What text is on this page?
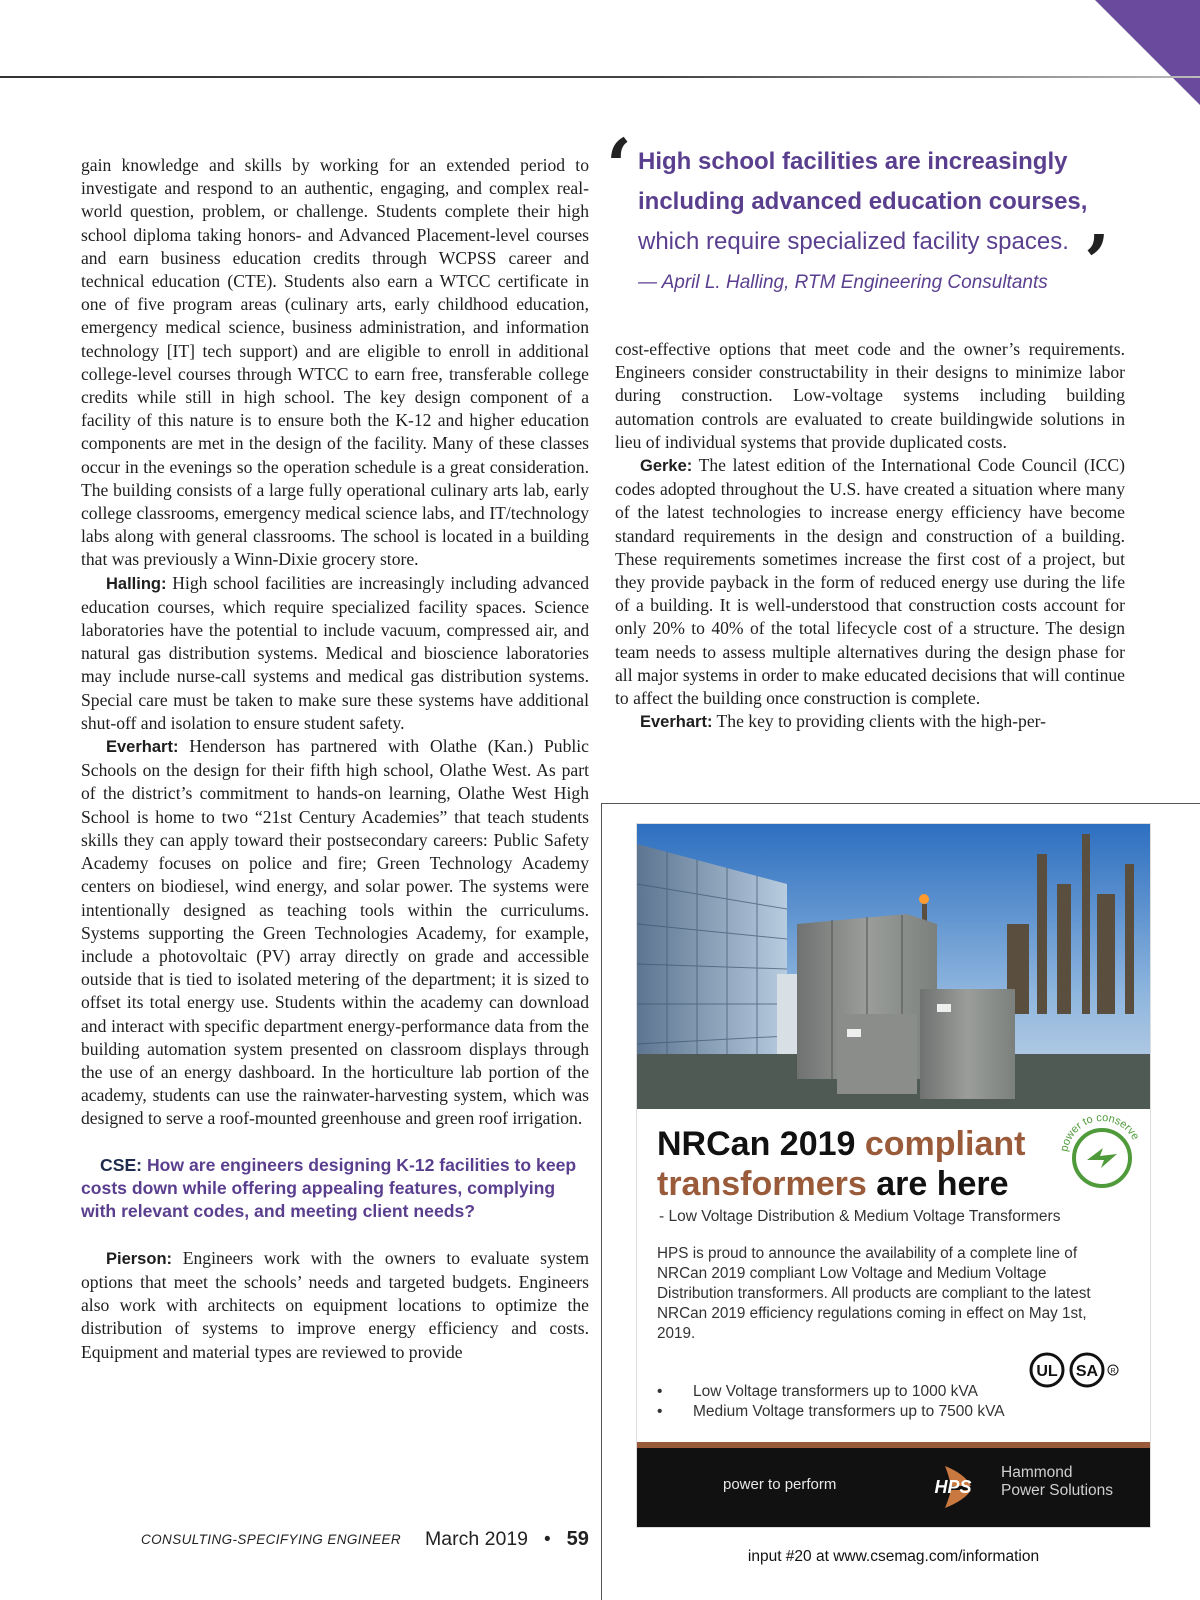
gain knowledge and skills by working for an extended period to investigate and respond to an authentic, engaging, and complex real-world question, problem, or challenge. Students complete their high school diploma taking honors- and Advanced Placement-level courses and earn business education credits through WCPSS career and technical education (CTE). Students also earn a WTCC certificate in one of five program areas (culinary arts, early childhood education, emergency medical science, business administration, and information technology [IT] tech support) and are eligible to enroll in additional college-level courses through WTCC to earn free, transferable college credits while still in high school. The key design component of a facility of this nature is to ensure both the K-12 and higher education components are met in the design of the facility. Many of these classes occur in the evenings so the operation schedule is a great consideration. The building consists of a large fully operational culinary arts lab, early college classrooms, emergency medical science labs, and IT/technology labs along with general classrooms. The school is located in a building that was previously a Winn-Dixie grocery store.

Halling: High school facilities are increasingly including advanced education courses, which require specialized facility spaces. Science laboratories have the potential to include vacuum, compressed air, and natural gas distribution systems. Medical and bioscience laboratories may include nurse-call systems and medical gas distribution systems. Special care must be taken to make sure these systems have additional shut-off and isolation to ensure student safety.

Everhart: Henderson has partnered with Olathe (Kan.) Public Schools on the design for their fifth high school, Olathe West. As part of the district’s commitment to hands-on learning, Olathe West High School is home to two “21st Century Academies” that teach students skills they can apply toward their postsecondary careers: Public Safety Academy focuses on police and fire; Green Technology Academy centers on biodiesel, wind energy, and solar power. The systems were intentionally designed as teaching tools within the curriculums. Systems supporting the Green Technologies Academy, for example, include a photovoltaic (PV) array directly on grade and accessible outside that is tied to isolated metering of the department; it is sized to offset its total energy use. Students within the academy can download and interact with specific department energy-performance data from the building automation system presented on classroom displays through the use of an energy dashboard. In the horticulture lab portion of the academy, students can use the rainwater-harvesting system, which was designed to serve a roof-mounted greenhouse and green roof irrigation.

CSE: How are engineers designing K-12 facilities to keep costs down while offering appealing features, complying with relevant codes, and meeting client needs?

Pierson: Engineers work with the owners to evaluate system options that meet the schools’ needs and targeted budgets. Engineers also work with architects on equipment locations to optimize the distribution of systems to improve energy efficiency and costs. Equipment and material types are reviewed to provide

‘ High school facilities are increasingly including advanced education courses, which require specialized facility spaces. ’
— April L. Halling, RTM Engineering Consultants

cost-effective options that meet code and the owner’s requirements. Engineers consider constructability in their designs to minimize labor during construction. Low-voltage systems including building automation controls are evaluated to create buildingwide solutions in lieu of individual systems that provide duplicated costs.

Gerke: The latest edition of the International Code Council (ICC) codes adopted throughout the U.S. have created a situation where many of the latest technologies to increase energy efficiency have become standard requirements in the design and construction of a building. These requirements sometimes increase the first cost of a project, but they provide payback in the form of reduced energy use during the life of a building. It is well-understood that construction costs account for only 20% to 40% of the total lifecycle cost of a structure. The design team needs to assess multiple alternatives during the design phase for all major systems in order to make educated decisions that will continue to affect the building once construction is complete.

Everhart: The key to providing clients with the high-per-

NRCan 2019 compliant
transformers are here
power to conserve
- Low Voltage Distribution & Medium Voltage Transformers
HPS is proud to announce the availability of a complete line of NRCan 2019 compliant Low Voltage and Medium Voltage Distribution transformers. All products are compliant to the latest NRCan 2019 efficiency regulations coming in effect on May 1st, 2019.
UL SA R
• Low Voltage transformers up to 1000 kVA
• Medium Voltage transformers up to 7500 kVA
power to perform	HPS
Hammond
Power Solutions
input #20 at www.csemag.com/information
CONSULTING-SPECIFYING ENGINEER March 2019 • 59
